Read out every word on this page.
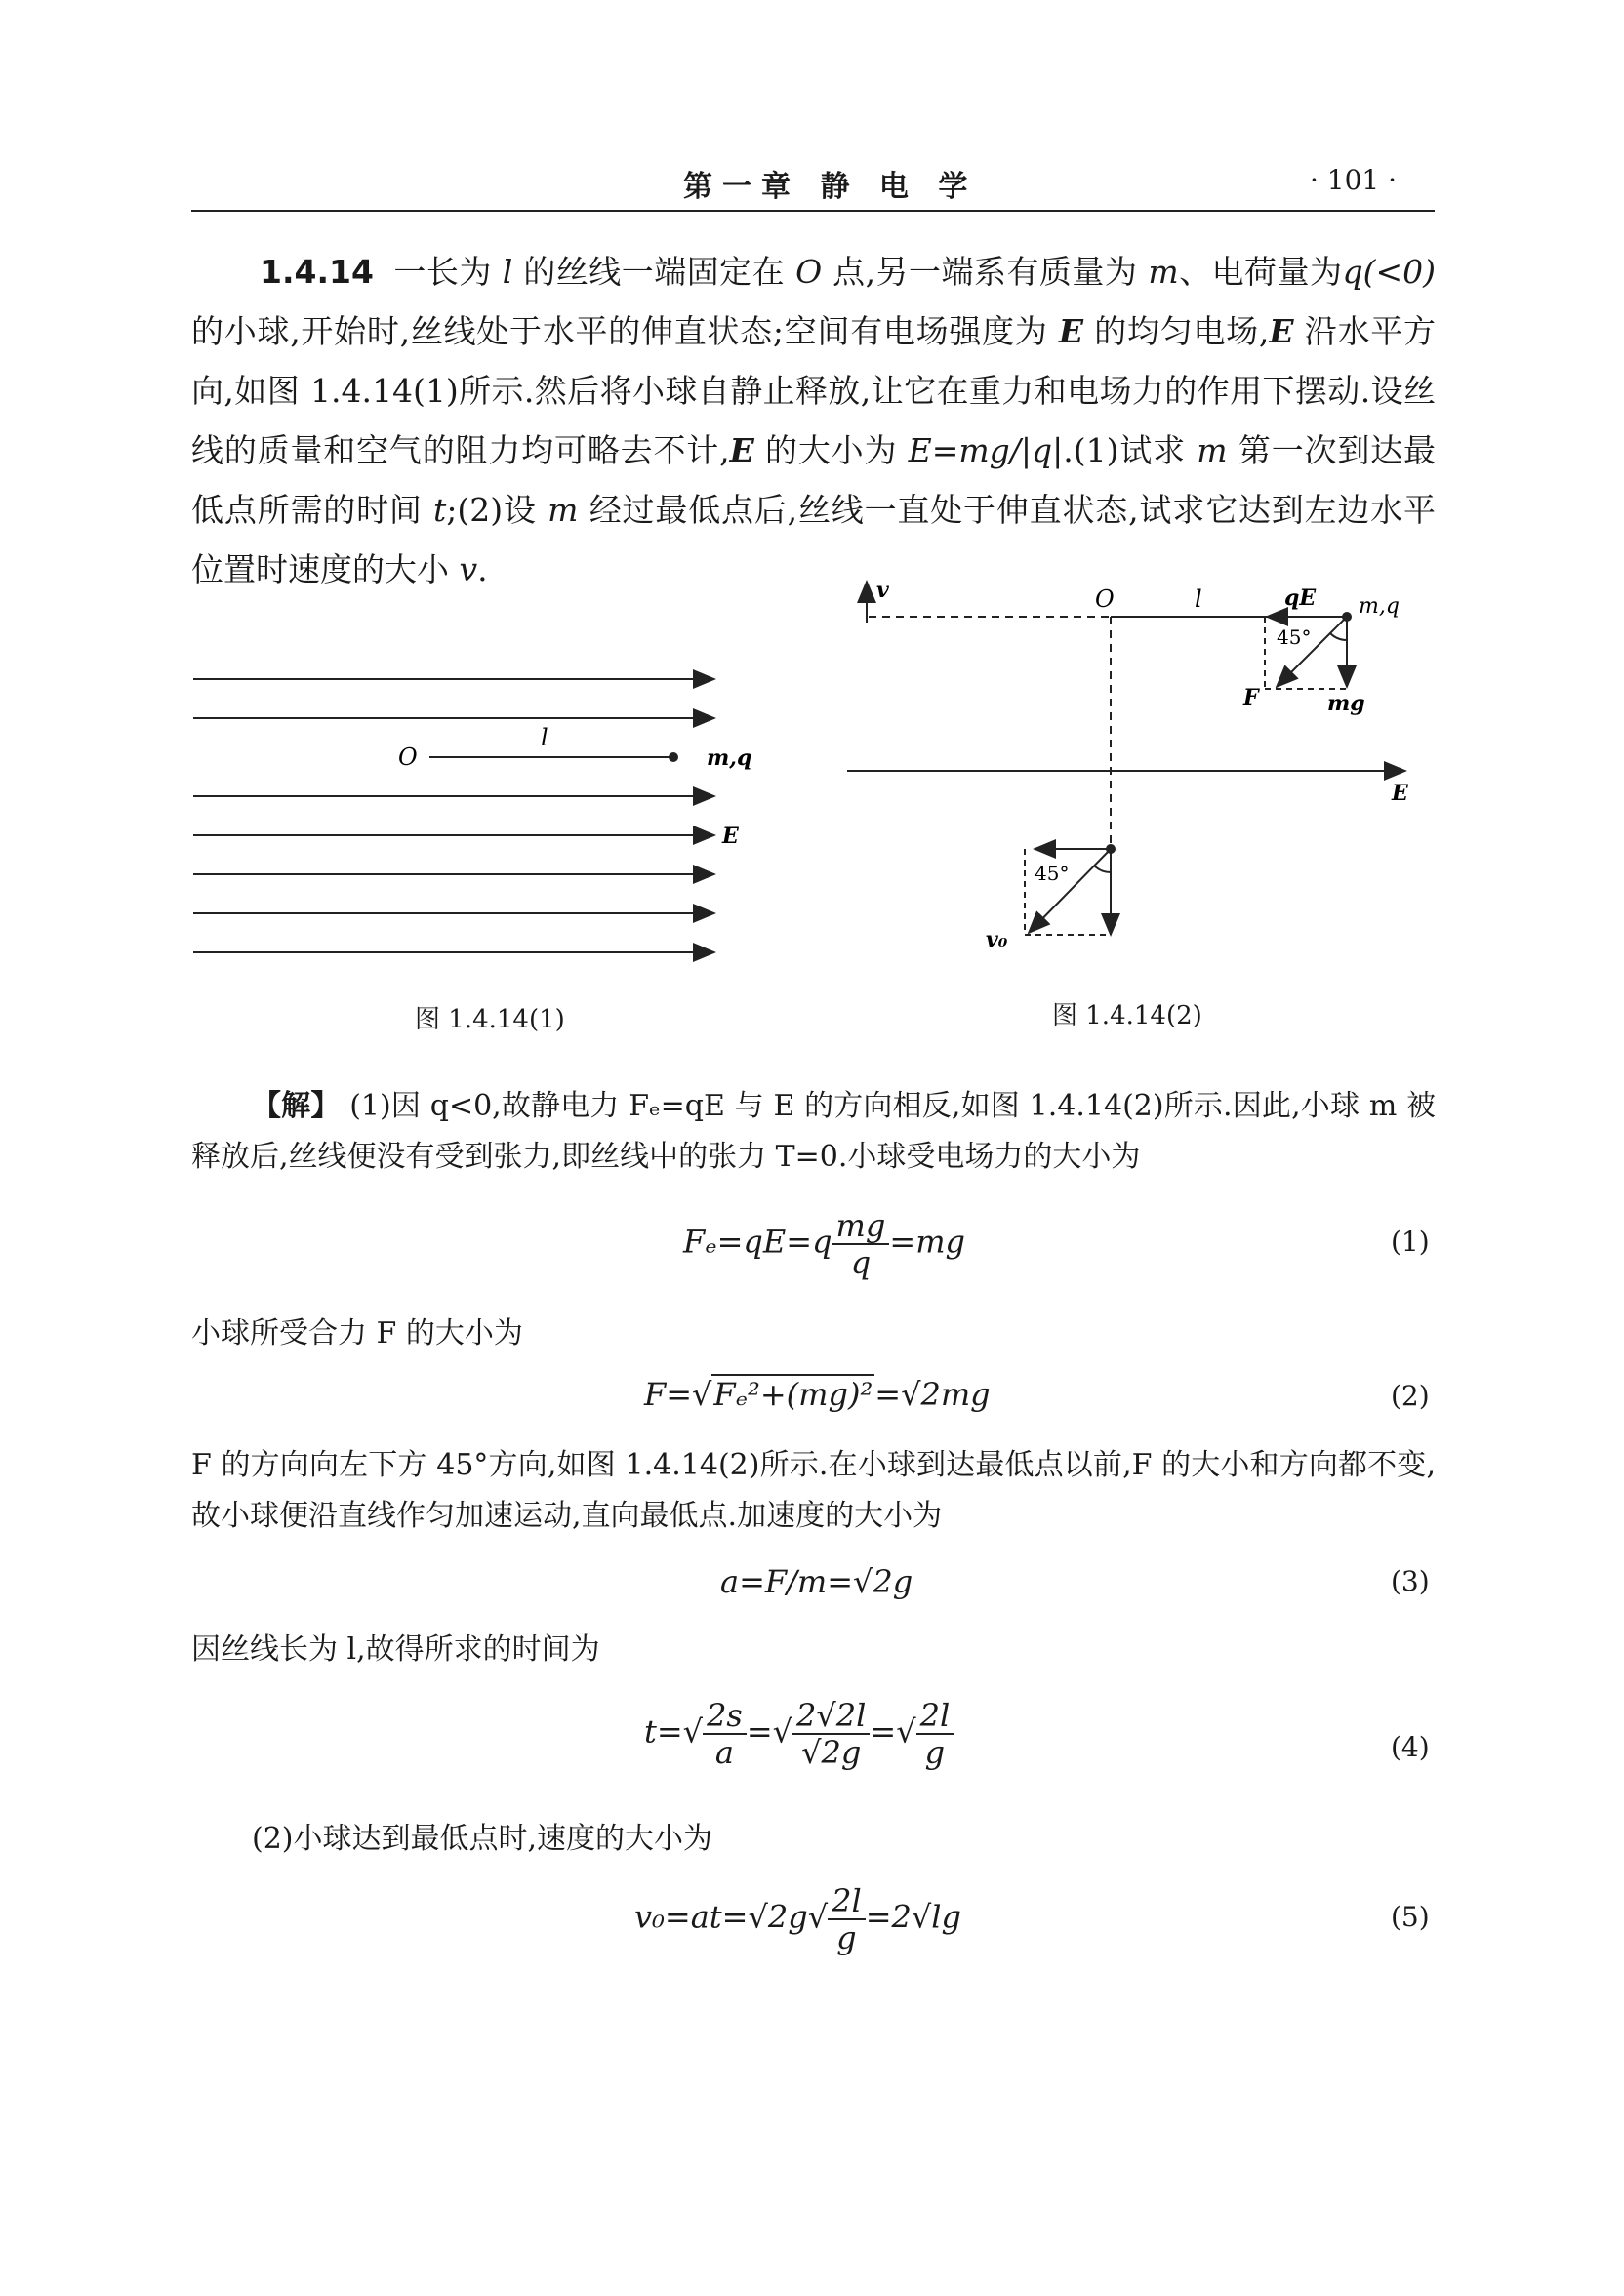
第一章 静 电 学	· 101 ·
1.4.14 一长为 l 的丝线一端固定在 O 点,另一端系有质量为 m、电荷量为q(<0)的小球,开始时,丝线处于水平的伸直状态;空间有电场强度为 E 的均匀电场,E 沿水平方向,如图 1.4.14(1)所示.然后将小球自静止释放,让它在重力和电场力的作用下摆动.设丝线的质量和空气的阻力均可略去不计,E 的大小为 E=mg/|q|.(1)试求 m 第一次到达最低点所需的时间 t;(2)设 m 经过最低点后,丝线一直处于伸直状态,试求它达到左边水平位置时速度的大小 v.
O
l
m,q
E
图 1.4.14(1)
v	O	l	qE m,q
45°
F	mg
E
45°
v₀
图 1.4.14(2)
【解】 (1)因 q<0,故静电力 Fₑ=qE 与 E 的方向相反,如图 1.4.14(2)所示.因此,小球 m 被释放后,丝线便没有受到张力,即丝线中的张力 T=0.小球受电场力的大小为
$F_e=qE=q \frac{mg}{q} =mg$	(1)
小球所受合力 F 的大小为
F=√Fₑ²+(mg)²=√2mg	(2)
F 的方向向左下方 45°方向,如图 1.4.14(2)所示.在小球到达最低点以前,F 的大小和方向都不变,故小球便沿直线作匀加速运动,直向最低点.加速度的大小为
a=F/m=√2g	(3)
因丝线长为 l,故得所求的时间为
$t=√ \frac{2s}{a}$ =√ $\frac{2√2l}{√2g}$ =√ $\frac{2l}{g}$	(4)
(2)小球达到最低点时,速度的大小为
$v_0=at=√2g√ \frac{2l}{g} =2√\lg$	(5)
